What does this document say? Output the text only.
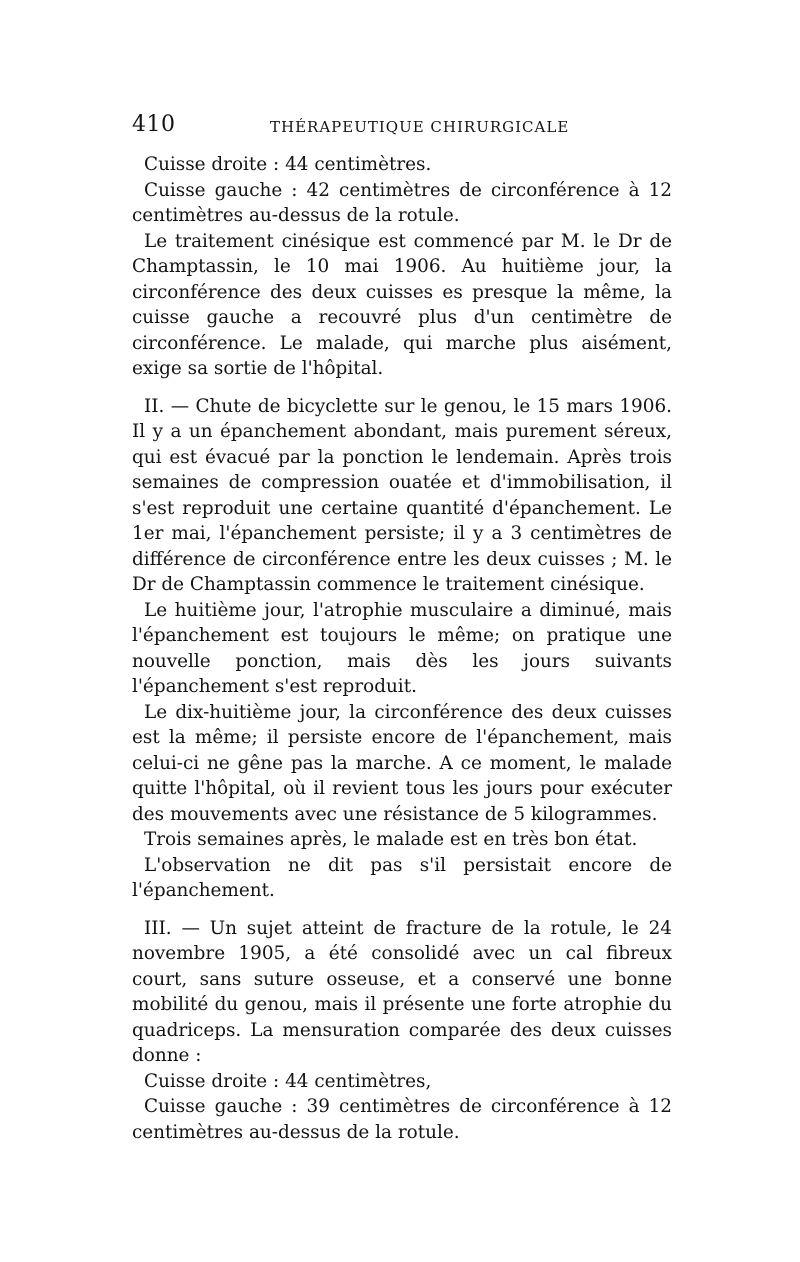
410	THÉRAPEUTIQUE CHIRURGICALE

Cuisse droite : 44 centimètres.

Cuisse gauche : 42 centimètres de circonférence à 12 centimètres au-dessus de la rotule.

Le traitement cinésique est commencé par M. le Dr de Champtassin, le 10 mai 1906. Au huitième jour, la circonférence des deux cuisses es presque la même, la cuisse gauche a recouvré plus d'un centimètre de circonférence. Le malade, qui marche plus aisément, exige sa sortie de l'hôpital.

II. — Chute de bicyclette sur le genou, le 15 mars 1906. Il y a un épanchement abondant, mais purement séreux, qui est évacué par la ponction le lendemain. Après trois semaines de compression ouatée et d'immobilisation, il s'est reproduit une certaine quantité d'épanchement. Le 1er mai, l'épanchement persiste; il y a 3 centimètres de différence de circonférence entre les deux cuisses ; M. le Dr de Champtassin commence le traitement cinésique.

Le huitième jour, l'atrophie musculaire a diminué, mais l'épanchement est toujours le même; on pratique une nouvelle ponction, mais dès les jours suivants l'épanchement s'est reproduit.

Le dix-huitième jour, la circonférence des deux cuisses est la même; il persiste encore de l'épanchement, mais celui-ci ne gêne pas la marche. A ce moment, le malade quitte l'hôpital, où il revient tous les jours pour exécuter des mouvements avec une résistance de 5 kilogrammes.

Trois semaines après, le malade est en très bon état.

L'observation ne dit pas s'il persistait encore de l'épanchement.

III. — Un sujet atteint de fracture de la rotule, le 24 novembre 1905, a été consolidé avec un cal fibreux court, sans suture osseuse, et a conservé une bonne mobilité du genou, mais il présente une forte atrophie du quadriceps. La mensuration comparée des deux cuisses donne :

Cuisse droite : 44 centimètres,

Cuisse gauche : 39 centimètres de circonférence à 12 centimètres au-dessus de la rotule.
